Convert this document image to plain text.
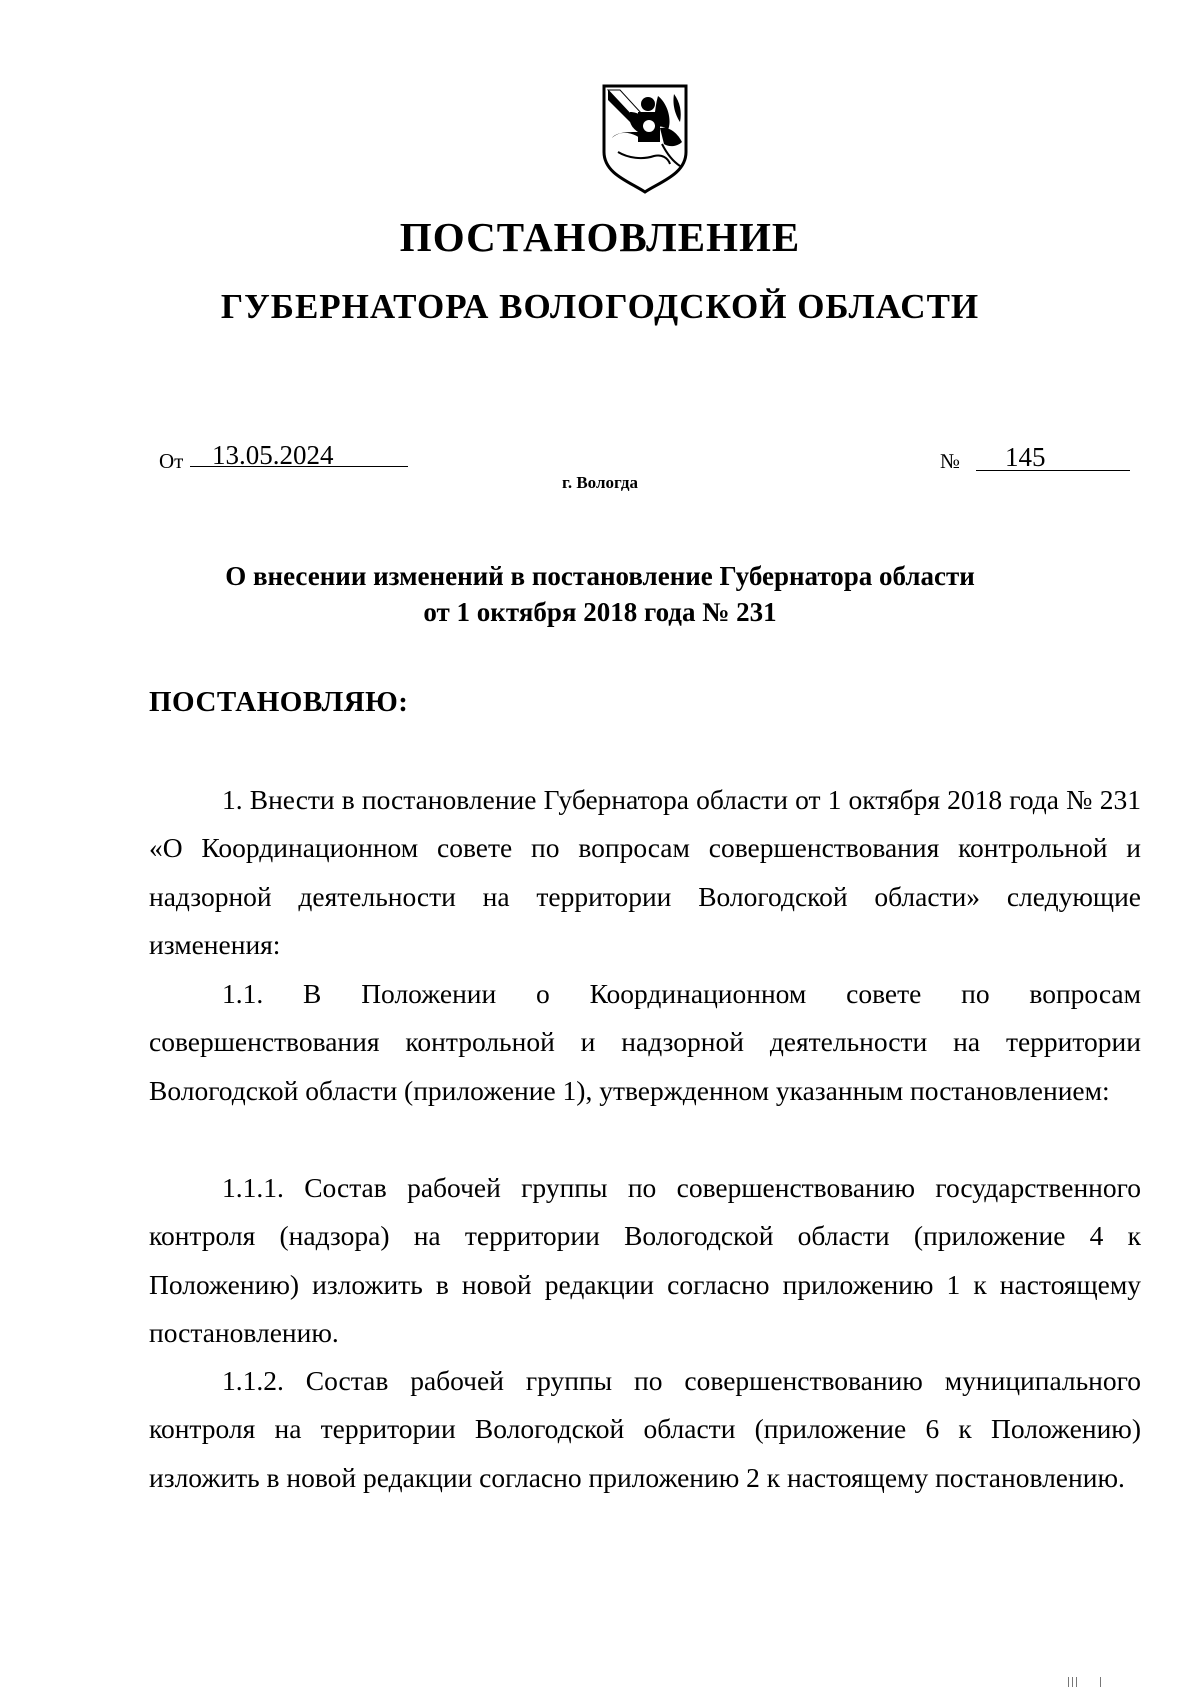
ПОСТАНОВЛЕНИЕ
ГУБЕРНАТОРА ВОЛОГОДСКОЙ ОБЛАСТИ
От 13.05.2024	№ 145
г. Вологда
О внесении изменений в постановление Губернатора области
от 1 октября 2018 года № 231
ПОСТАНОВЛЯЮ:

1. Внести в постановление Губернатора области от 1 октября 2018 года № 231 «О Координационном совете по вопросам совершенствования контрольной и надзорной деятельности на территории Вологодской области» следующие изменения:

1.1. В Положении о Координационном совете по вопросам совершенствования контрольной и надзорной деятельности на территории Вологодской области (приложение 1), утвержденном указанным постановлением:

1.1.1. Состав рабочей группы по совершенствованию государственного контроля (надзора) на территории Вологодской области (приложение 4 к Положению) изложить в новой редакции согласно приложению 1 к настоящему постановлению.

1.1.2. Состав рабочей группы по совершенствованию муниципального контроля на территории Вологодской области (приложение 6 к Положению) изложить в новой редакции согласно приложению 2 к настоящему постановлению.
